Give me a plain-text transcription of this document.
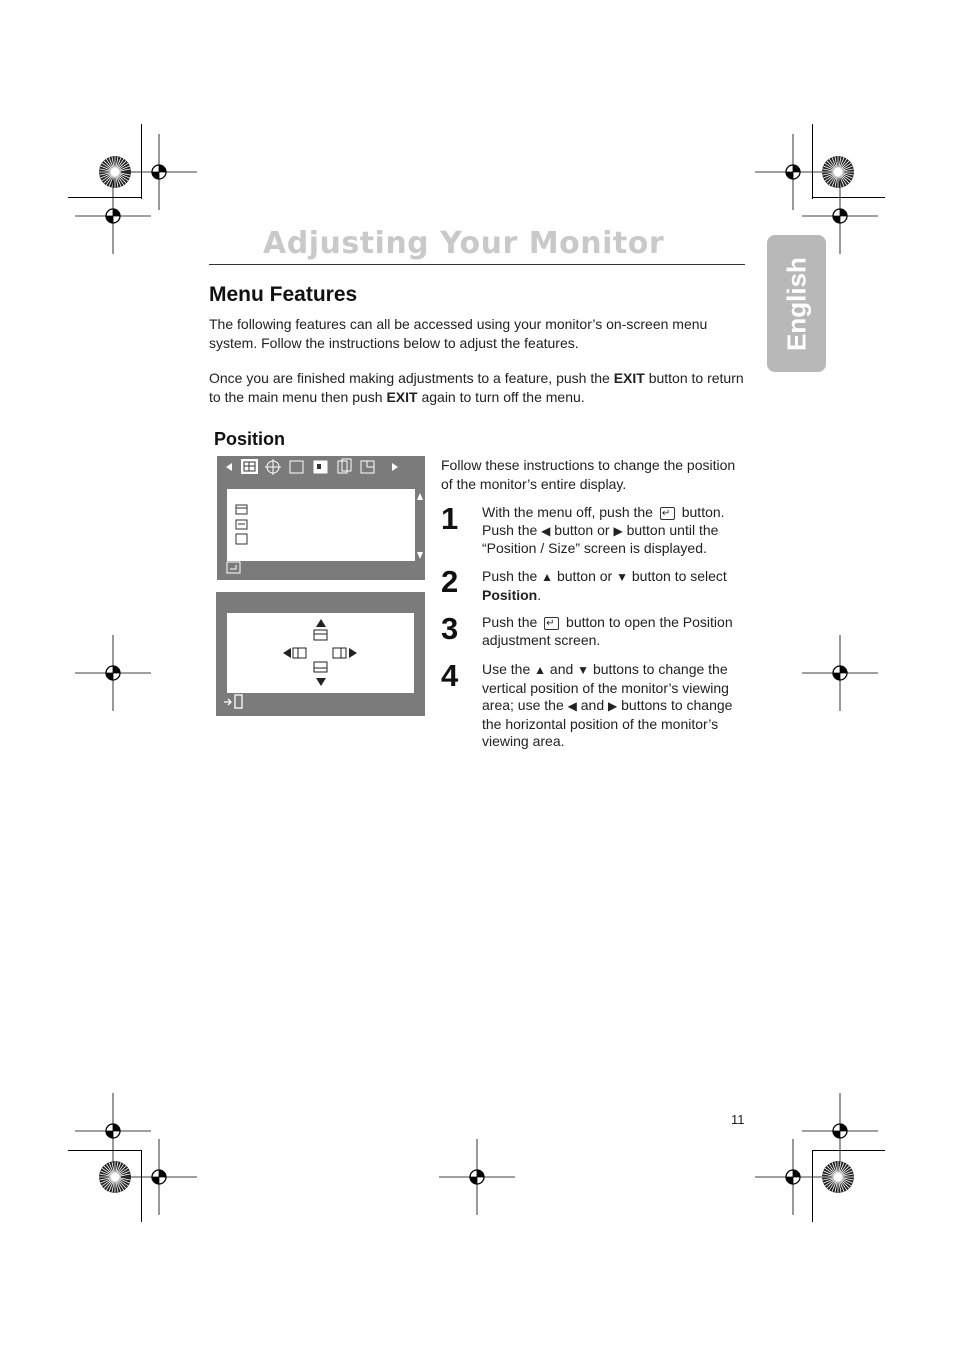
Adjusting Your Monitor
English
Menu Features
The following features can all be accessed using your monitor’s on-screen menu system. Follow the instructions below to adjust the features.
Once you are finished making adjustments to a feature, push the EXIT button to return to the main menu then push EXIT again to turn off the menu.
Position
Follow these instructions to change the position of the monitor’s entire display.
1 With the menu off, push the ↵ button.
Push the ◀ button or ▶ button until the
“Position / Size” screen is displayed.
2 Push the ▲ button or ▼ button to select
Position.
3 Push the ↵ button to open the Position
adjustment screen.
4 Use the ▲ and ▼ buttons to change the
vertical position of the monitor’s viewing
area; use the ◀ and ▶ buttons to change
the horizontal position of the monitor’s
viewing area.
11
